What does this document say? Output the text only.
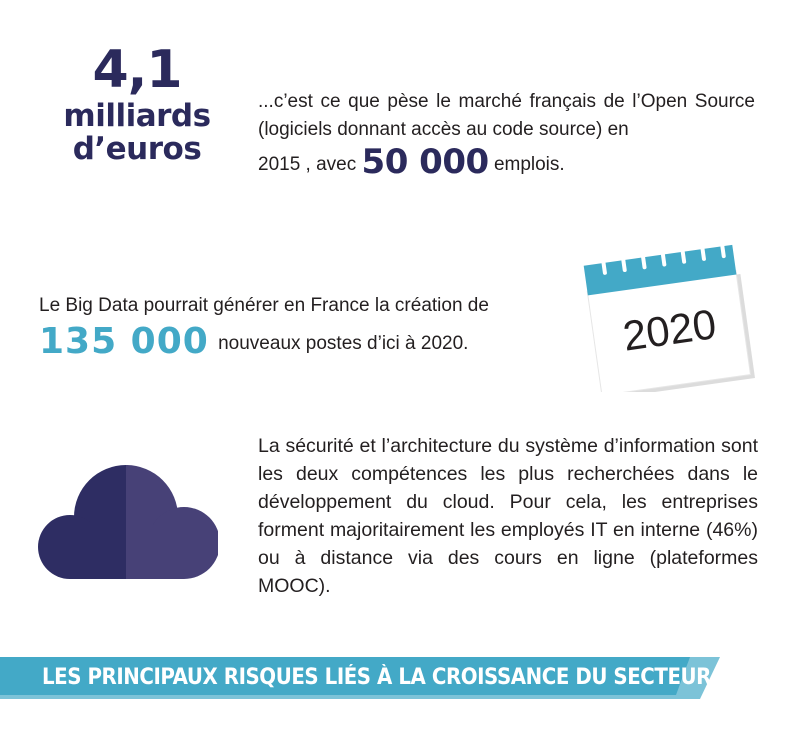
4,1
milliards
d’euros
...c’est ce que pèse le marché français de l’Open Source (logiciels donnant accès au code source) en
2015 , avec 50 000 emplois.
Le Big Data pourrait générer en France la création de
135 000 nouveaux postes d’ici à 2020.	2020
La sécurité et l’architecture du système d’information sont les deux compétences les plus recherchées dans le développement du cloud. Pour cela, les entreprises forment majoritairement les employés IT en interne (46%) ou à distance via des cours en ligne (plateformes MOOC).
LES PRINCIPAUX RISQUES LIÉS À LA CROISSANCE DU SECTEUR
